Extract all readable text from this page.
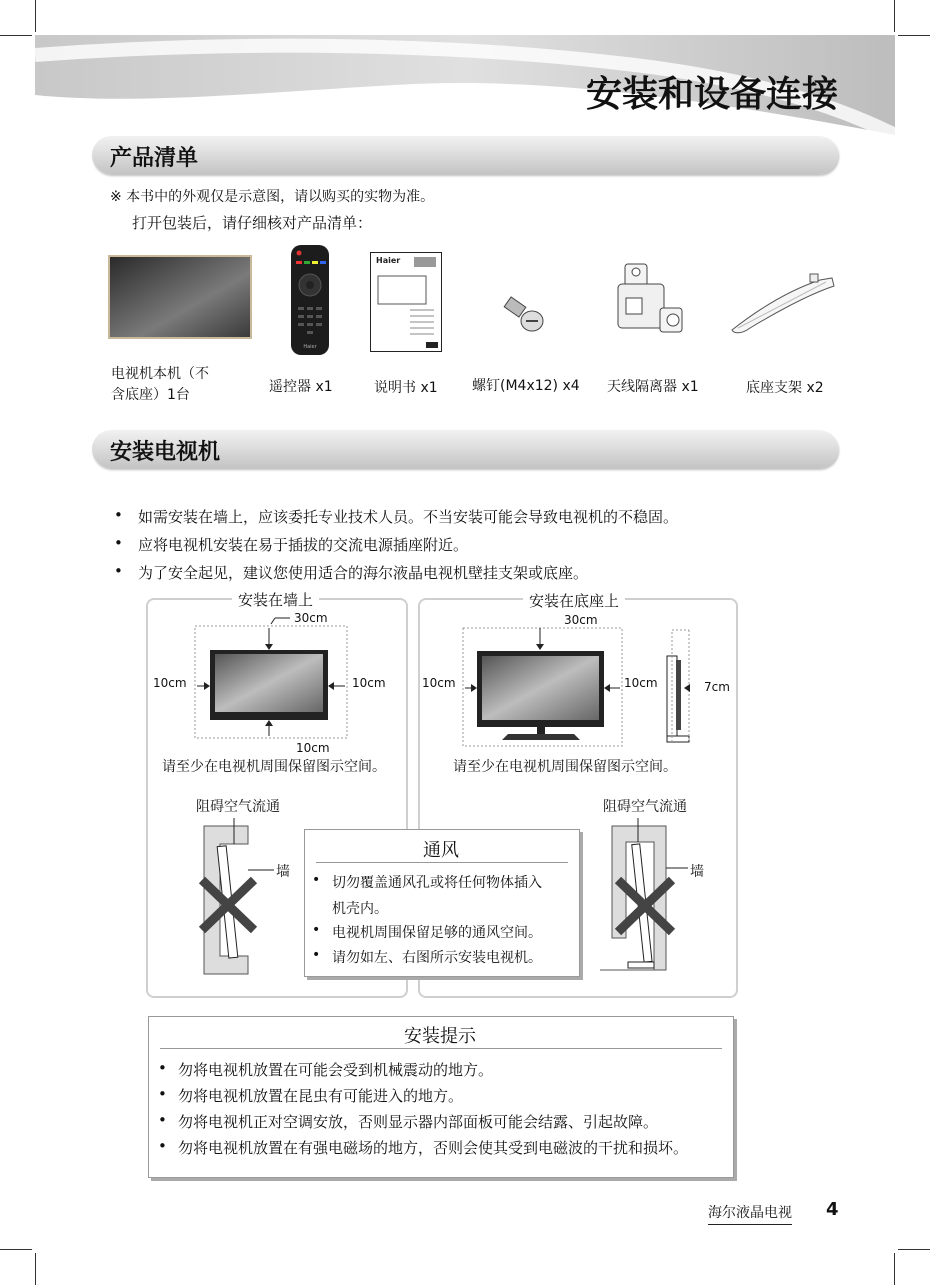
安装和设备连接
产品清单
※ 本书中的外观仅是示意图，请以购买的实物为准。
打开包装后，请仔细核对产品清单：
Haier
Haier
电视机本机（不
含底座）1台	遥控器 x1	说明书 x1 螺钉(M4x12) x4 天线隔离器 x1	底座支架 x2
安装电视机
• 如需安装在墙上，应该委托专业技术人员。不当安装可能会导致电视机的不稳固。
• 应将电视机安装在易于插拔的交流电源插座附近。
• 为了安全起见，建议您使用适合的海尔液晶电视机壁挂支架或底座。
安装在墙上	安装在底座上
30cm
10cm	10cm
10cm
请至少在电视机周围保留图示空间。
30cm
10cm	10cm	7cm
请至少在电视机周围保留图示空间。
阻碍空气流通
墙
阻碍空气流通
墙
通风
• 切勿覆盖通风孔或将任何物体插入
机壳内。
• 电视机周围保留足够的通风空间。
• 请勿如左、右图所示安装电视机。
安装提示
• 勿将电视机放置在可能会受到机械震动的地方。
• 勿将电视机放置在昆虫有可能进入的地方。
• 勿将电视机正对空调安放，否则显示器内部面板可能会结露、引起故障。
• 勿将电视机放置在有强电磁场的地方，否则会使其受到电磁波的干扰和损坏。
海尔液晶电视 4
